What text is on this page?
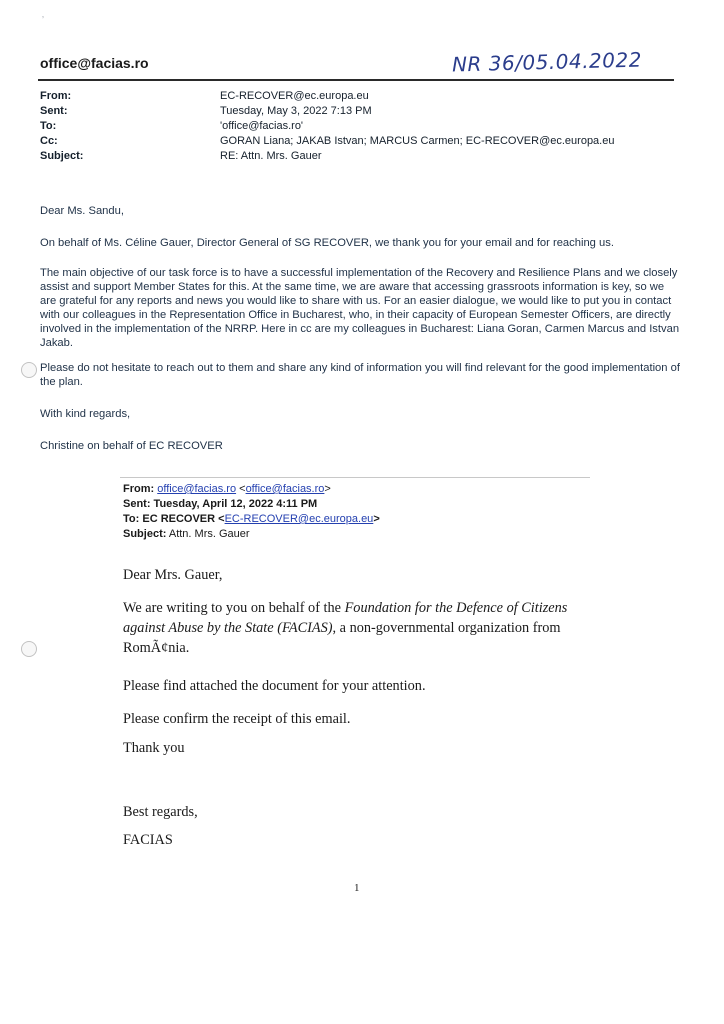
ʼ
NR 36/05.04.2022
office@facias.ro
From:	EC-RECOVER@ec.europa.eu
Sent:	Tuesday, May 3, 2022 7:13 PM
To:	'office@facias.ro'
Cc:	GORAN Liana; JAKAB Istvan; MARCUS Carmen; EC-RECOVER@ec.europa.eu
Subject:	RE: Attn. Mrs. Gauer
Dear Ms. Sandu,
On behalf of Ms. Céline Gauer, Director General of SG RECOVER, we thank you for your email and for reaching us.
The main objective of our task force is to have a successful implementation of the Recovery and Resilience Plans and we closely assist and support Member States for this. At the same time, we are aware that accessing grassroots information is key, so we are grateful for any reports and news you would like to share with us. For an easier dialogue, we would like to put you in contact with our colleagues in the Representation Office in Bucharest, who, in their capacity of European Semester Officers, are directly involved in the implementation of the NRRP. Here in cc are my colleagues in Bucharest: Liana Goran, Carmen Marcus and Istvan Jakab.
Please do not hesitate to reach out to them and share any kind of information you will find relevant for the good implementation of the plan.
With kind regards,
Christine on behalf of EC RECOVER
From: office@facias.ro <office@facias.ro>
Sent: Tuesday, April 12, 2022 4:11 PM
To: EC RECOVER <EC-RECOVER@ec.europa.eu>
Subject: Attn. Mrs. Gauer
Dear Mrs. Gauer,
We are writing to you on behalf of the Foundation for the Defence of Citizens against Abuse by the State (FACIAS), a non-governmental organization from RomÃ¢nia.
Please find attached the document for your attention.
Please confirm the receipt of this email.
Thank you
Best regards,
FACIAS
1
